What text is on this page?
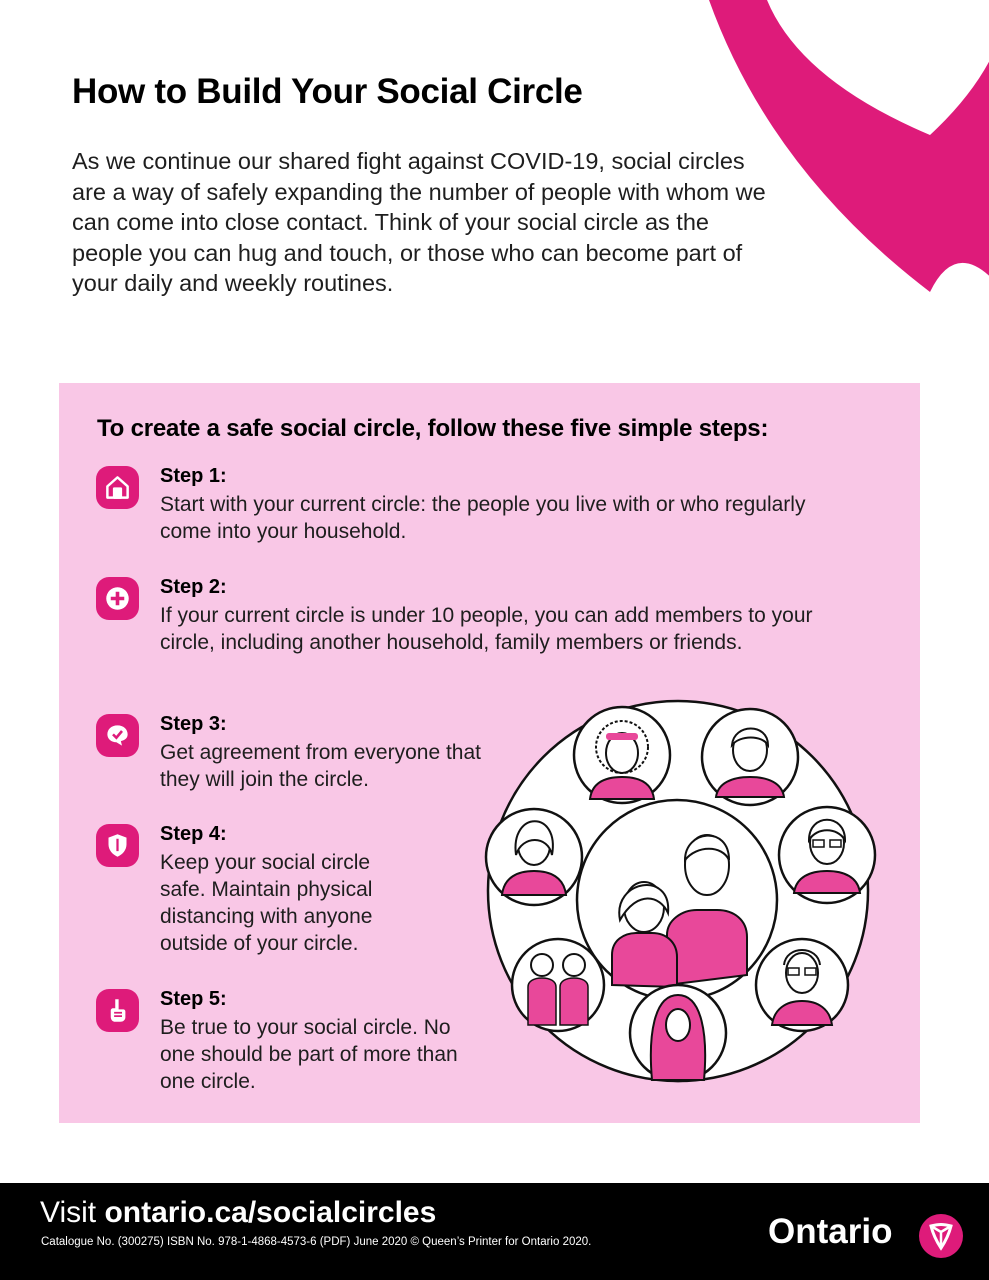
How to Build Your Social Circle

As we continue our shared fight against COVID-19, social circles are a way of safely expanding the number of people with whom we can come into close contact. Think of your social circle as the people you can hug and touch, or those who can become part of your daily and weekly routines.

To create a safe social circle, follow these five simple steps:
Step 1:

Start with your current circle: the people you live with or who regularly come into your household.

Step 2:

If your current circle is under 10 people, you can add members to your circle, including another household, family members or friends.

Step 3:

Get agreement from everyone that they will join the circle.

Step 4:

Keep your social circle safe. Maintain physical distancing with anyone outside of your circle.

Step 5:

Be true to your social circle. No one should be part of more than one circle.

Visit ontario.ca/socialcircles

Catalogue No. (300275) ISBN No. 978-1-4868-4573-6 (PDF) June 2020 © Queen’s Printer for Ontario 2020.	Ontario
